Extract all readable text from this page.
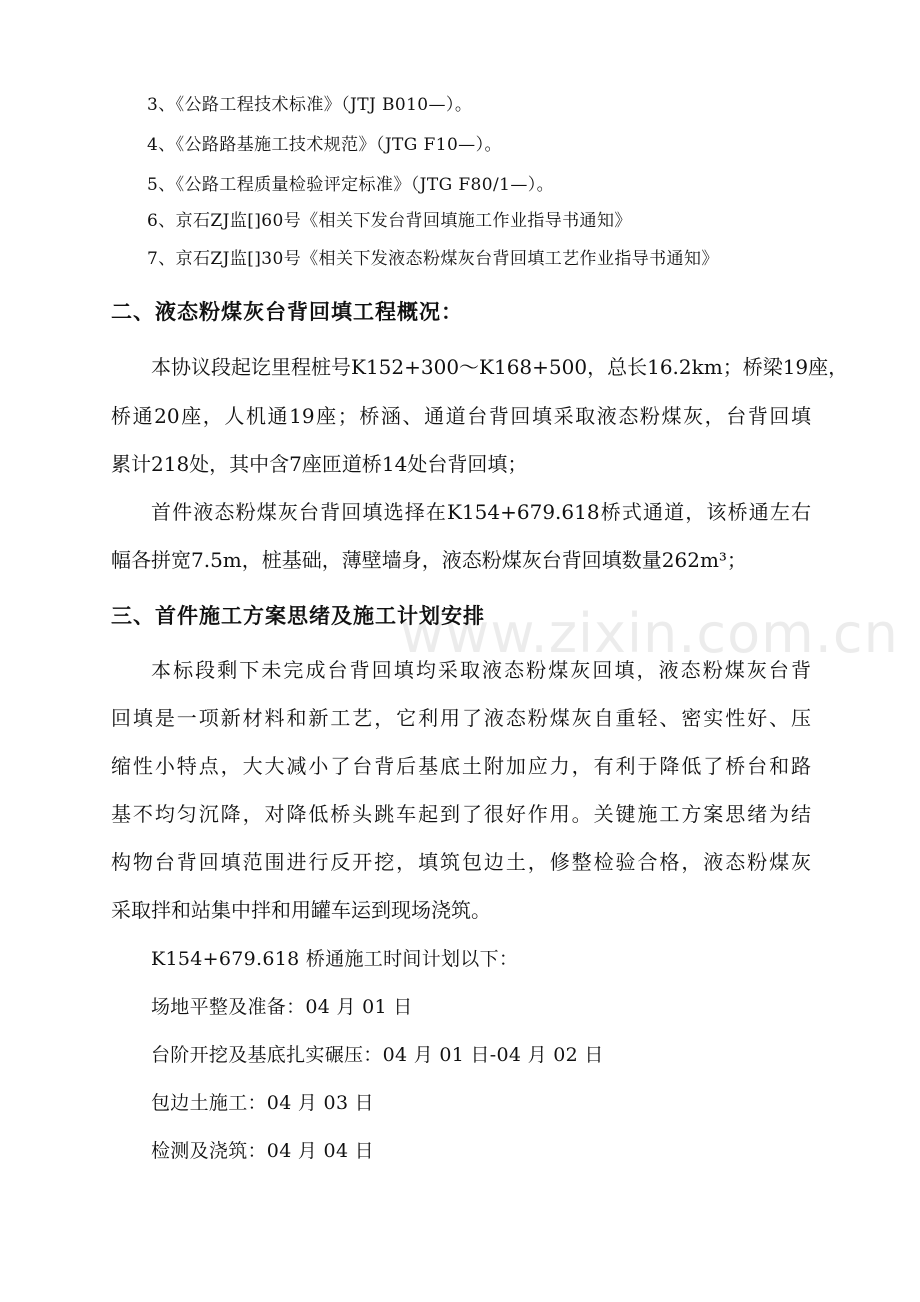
3、《公路工程技术标准》（JTJ B010—）。
4、《公路路基施工技术规范》（JTG F10—）。
5、《公路工程质量检验评定标准》（JTG F80/1—）。
6、京石ZJ监[]60号《相关下发台背回填施工作业指导书通知》
7、京石ZJ监[]30号《相关下发液态粉煤灰台背回填工艺作业指导书通知》
二、液态粉煤灰台背回填工程概况：
本协议段起讫里程桩号K152+300～K168+500，总长16.2km；桥梁19座，
桥通20座，人机通19座；桥涵、通道台背回填采取液态粉煤灰，台背回填
累计218处，其中含7座匝道桥14处台背回填；
首件液态粉煤灰台背回填选择在K154+679.618桥式通道，该桥通左右
幅各拼宽7.5m，桩基础，薄壁墙身，液态粉煤灰台背回填数量262m³；
三、首件施工方案思绪及施工计划安排
本标段剩下未完成台背回填均采取液态粉煤灰回填，液态粉煤灰台背
回填是一项新材料和新工艺，它利用了液态粉煤灰自重轻、密实性好、压
缩性小特点，大大减小了台背后基底土附加应力，有利于降低了桥台和路
基不均匀沉降，对降低桥头跳车起到了很好作用。关键施工方案思绪为结
构物台背回填范围进行反开挖，填筑包边土，修整检验合格，液态粉煤灰
采取拌和站集中拌和用罐车运到现场浇筑。
K154+679.618 桥通施工时间计划以下：
场地平整及准备：04 月 01 日
台阶开挖及基底扎实碾压：04 月 01 日-04 月 02 日
包边土施工：04 月 03 日
检测及浇筑：04 月 04 日
www.zixin.com.cn
